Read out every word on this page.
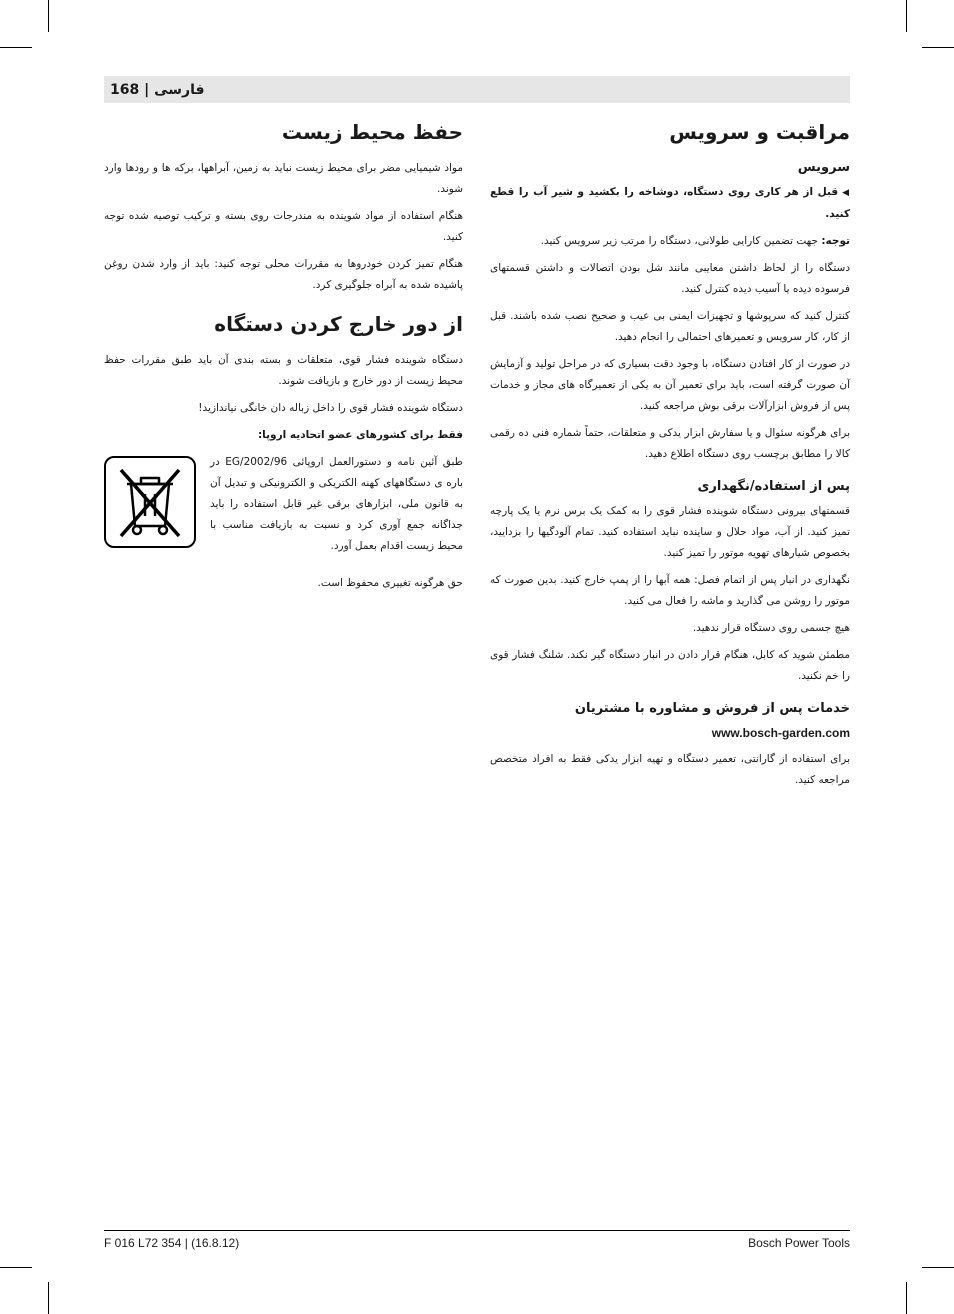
168 | فارسی
مراقبت و سرویس
سرویس

◀قبل از هر کاری روی دستگاه، دوشاخه را بکشید و شیر آب را قطع کنید.

توجه: جهت تضمین کارایی طولانی، دستگاه را مرتب زیر سرویس کنید.

دستگاه را از لحاظ داشتن معایبی مانند شل بودن اتصالات و داشتن قسمتهای فرسوده دیده یا آسیب دیده کنترل کنید.

کنترل کنید که سرپوشها و تجهیزات ایمنی بی عیب و صحیح نصب شده باشند. قبل از کار، کار سرویس و تعمیرهای احتمالی را انجام دهید.

در صورت از کار افتادن دستگاه، با وجود دقت بسیاری که در مراحل تولید و آزمایش آن صورت گرفته است، باید برای تعمیر آن به یکی از تعمیرگاه های مجاز و خدمات پس از فروش ابزارآلات برقی بوش مراجعه کنید.

برای هرگونه سئوال و یا سفارش ابزار یدکی و متعلقات، حتماً شماره فنی ده رقمی کالا را مطابق برچسب روی دستگاه اطلاع دهید.

پس از استفاده/نگهداری

قسمتهای بیرونی دستگاه شوینده فشار قوی را به کمک یک برس نرم یا یک پارچه تمیز کنید. از آب، مواد حلال و ساینده نباید استفاده کنید. تمام آلودگیها را بزدایید، بخصوص شیارهای تهویه موتور را تمیز کنید.

نگهداری در انبار پس از اتمام فصل: همه آبها را از پمپ خارج کنید. بدین صورت که موتور را روشن می گذارید و ماشه را فعال می کنید.

هیچ جسمی روی دستگاه قرار ندهید.

مطمئن شوید که کابل، هنگام قرار دادن در انبار دستگاه گیر نکند. شلنگ فشار قوی را خم نکنید.

خدمات پس از فروش و مشاوره با مشتریان

www.bosch-garden.com

برای استفاده از گارانتی، تعمیر دستگاه و تهیه ابزار یدکی فقط به افراد متخصص مراجعه کنید.

حفظ محیط زیست

مواد شیمیایی مضر برای محیط زیست نباید به زمین، آبراهها، برکه ها و رودها وارد شوند.

هنگام استفاده از مواد شوینده به مندرجات روی بسته و ترکیب توصیه شده توجه کنید.

هنگام تمیز کردن خودروها به مقررات محلی توجه کنید: باید از وارد شدن روغن پاشیده شده به آبراه جلوگیری کرد.

از دور خارج کردن دستگاه

دستگاه شوینده فشار قوی، متعلقات و بسته بندی آن باید طبق مقررات حفظ محیط زیست از دور خارج و بازیافت شوند.

دستگاه شوینده فشار قوی را داخل زباله دان خانگی نیاندازید!

فقط برای کشورهای عضو اتحادیه اروپا:

طبق آئین نامه و دستورالعمل اروپائی 2002/96/EG در باره ی دستگاههای کهنه الکتریکی و الکترونیکی و تبدیل آن به قانون ملی، ابزارهای برقی غیر قابل استفاده را باید جداگانه جمع آوری کرد و نسبت به بازیافت مناسب با محیط زیست اقدام بعمل آورد.

حق هرگونه تغییری محفوظ است.

F 016 L72 354 | (16.8.12)	Bosch Power Tools
